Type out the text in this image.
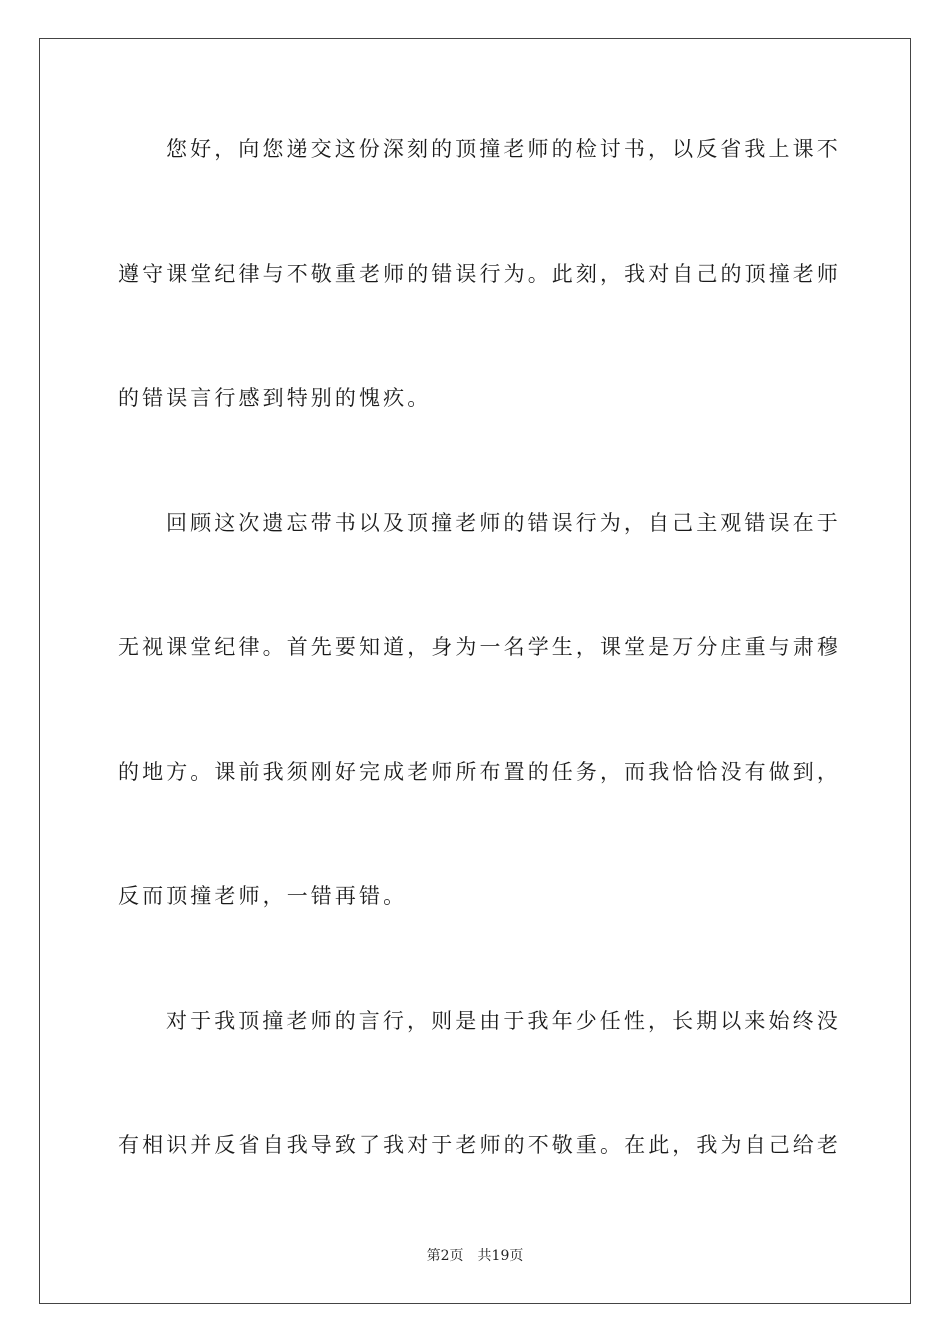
您好，向您递交这份深刻的顶撞老师的检讨书，以反省我上课不
遵守课堂纪律与不敬重老师的错误行为。此刻，我对自己的顶撞老师
的错误言行感到特别的愧疚。
回顾这次遗忘带书以及顶撞老师的错误行为，自己主观错误在于
无视课堂纪律。首先要知道，身为一名学生，课堂是万分庄重与肃穆
的地方。课前我须刚好完成老师所布置的任务，而我恰恰没有做到，
反而顶撞老师，一错再错。
对于我顶撞老师的言行，则是由于我年少任性，长期以来始终没
有相识并反省自我导致了我对于老师的不敬重。在此，我为自己给老
第2页 共19页
